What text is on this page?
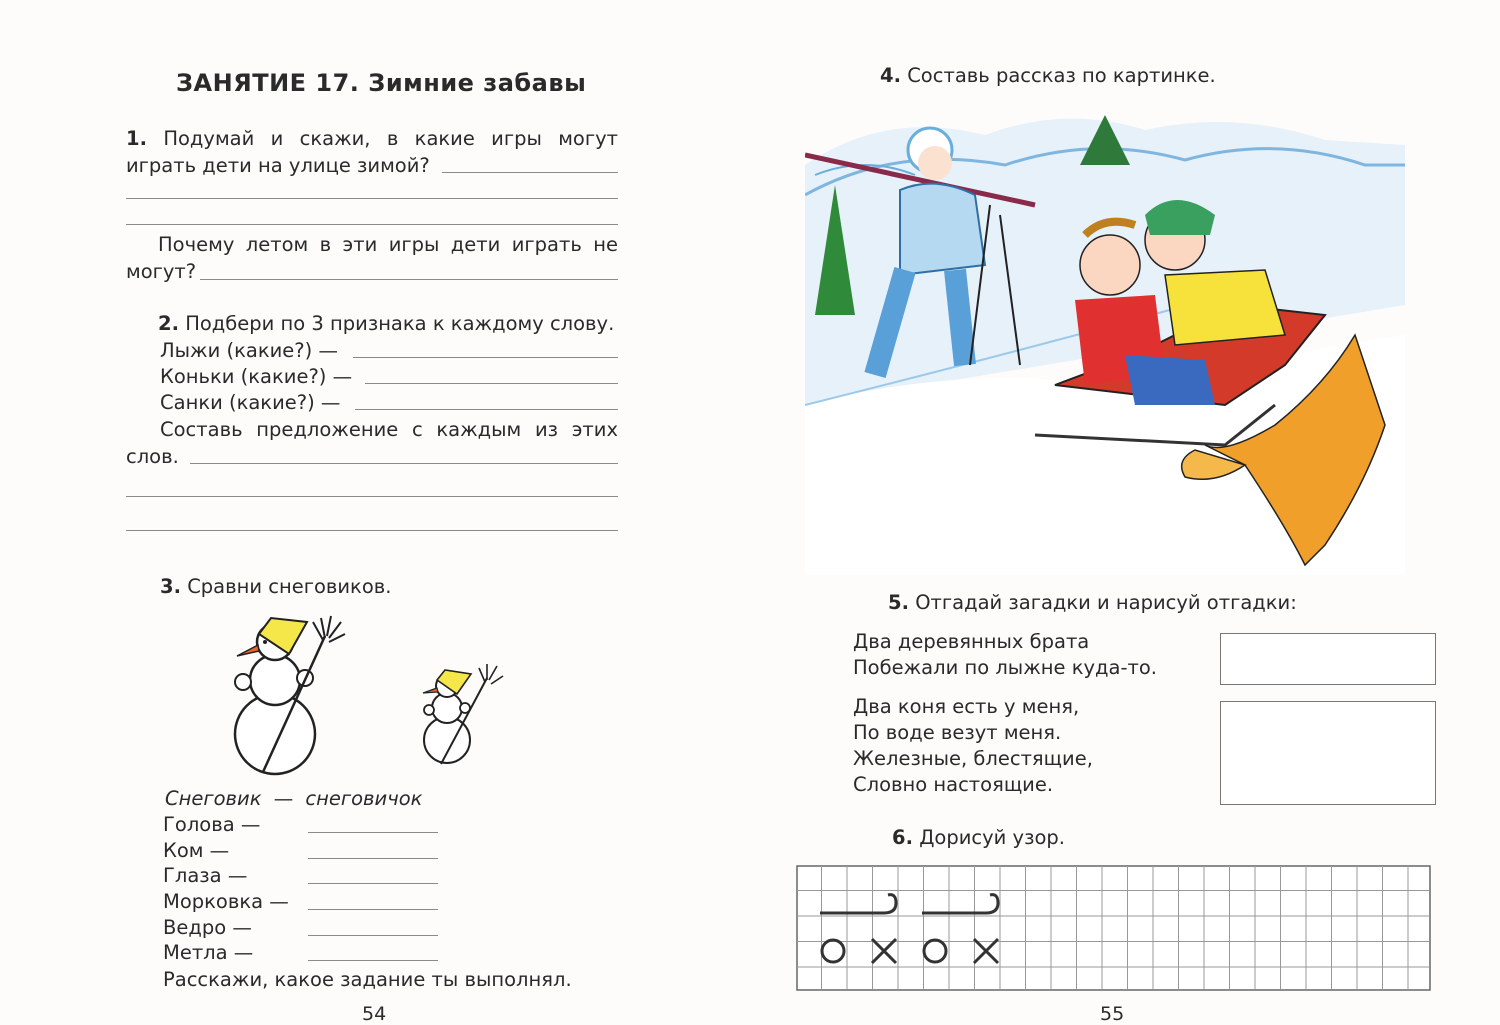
ЗАНЯТИЕ 17. Зимние забавы
1. Подумай и скажи, в какие игры могут
играть дети на улице зимой?
Почему летом в эти игры дети играть не
могут?
2. Подбери по 3 признака к каждому слову.
Лыжи (какие?) —
Коньки (какие?) —
Санки (какие?) —
Составь предложение с каждым из этих
слов.
3. Сравни снеговиков.
Снеговик — снеговичок
Голова —
Ком —
Глаза —
Морковка —
Ведро —
Метла —
Расскажи, какое задание ты выполнял.
54
4. Составь рассказ по картинке.
5. Отгадай загадки и нарисуй отгадки:
Два деревянных брата
Побежали по лыжне куда-то.
Два коня есть у меня,
По воде везут меня.
Железные, блестящие,
Словно настоящие.
6. Дорисуй узор.
55
